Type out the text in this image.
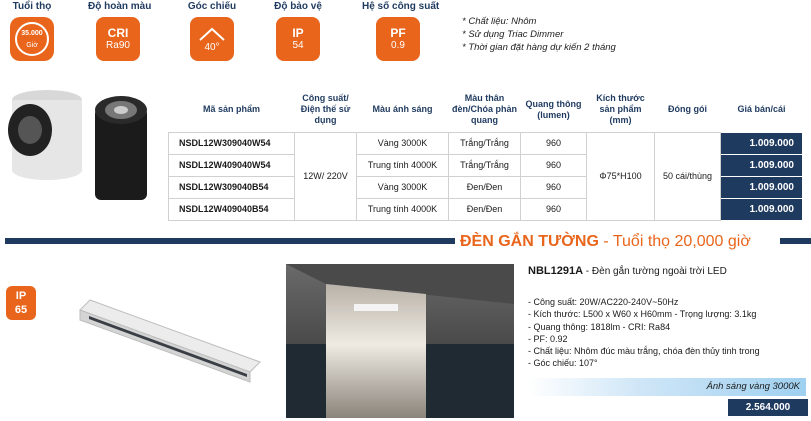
Tuổi thọ
35.000
Giờ
Độ hoàn màu
CRI
Ra90
Góc chiếu
40°
Độ bảo vệ
IP
54
Hệ số công suất
PF
0.9
* Chất liệu: Nhôm
* Sử dụng Triac Dimmer
* Thời gian đặt hàng dự kiến 2 tháng
Mã sản phẩm	Công suất/ Điện thế sử dụng	Màu ánh sáng	Màu thân đèn/Chóa phản quang	Quang thông (lumen)	Kích thước sản phẩm (mm)	Đóng gói	Giá bán/cái
NSDL12W309040W54	12W/ 220V	Vàng 3000K	Trắng/Trắng	960	Φ75*H100	50 cái/thùng	1.009.000
NSDL12W409040W54		Trung tính 4000K	Trắng/Trắng	960			1.009.000
NSDL12W309040B54		Vàng 3000K	Đen/Đen	960			1.009.000
NSDL12W409040B54		Trung tính 4000K	Đen/Đen	960			1.009.000
ĐÈN GẮN TƯỜNG - Tuổi thọ 20,000 giờ
IP
65
NBL1291A - Đèn gắn tường ngoài trời LED
- Công suất: 20W/AC220-240V~50Hz
- Kích thước: L500 x W60 x H60mm - Trọng lượng: 3.1kg
- Quang thông: 1818lm - CRI: Ra84
- PF: 0.92
- Chất liệu: Nhôm đúc màu trắng, chóa đèn thủy tinh trong
- Góc chiếu: 107°
Ánh sáng vàng 3000K
2.564.000
